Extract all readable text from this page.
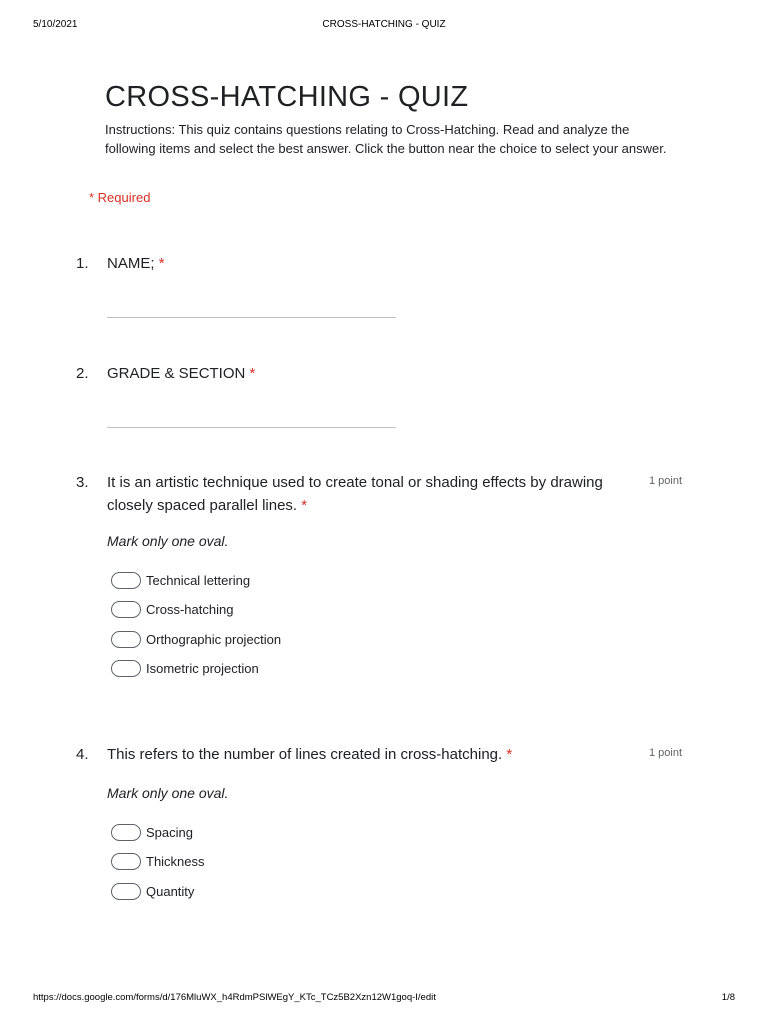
5/10/2021	CROSS-HATCHING - QUIZ
CROSS-HATCHING - QUIZ

Instructions: This quiz contains questions relating to Cross-Hatching. Read and analyze the following items and select the best answer. Click the button near the choice to select your answer.

* Required
1. NAME; *
2. GRADE & SECTION *
3. It is an artistic technique used to create tonal or shading effects by drawing closely spaced parallel lines. *
1 point
Mark only one oval.
Technical lettering
Cross-hatching
Orthographic projection
Isometric projection
4. This refers to the number of lines created in cross-hatching. *	1 point
Mark only one oval.
Spacing
Thickness
Quantity
https://docs.google.com/forms/d/176MluWX_h4RdmPSlWEgY_KTc_TCz5B2Xzn12W1goq-I/edit	1/8
